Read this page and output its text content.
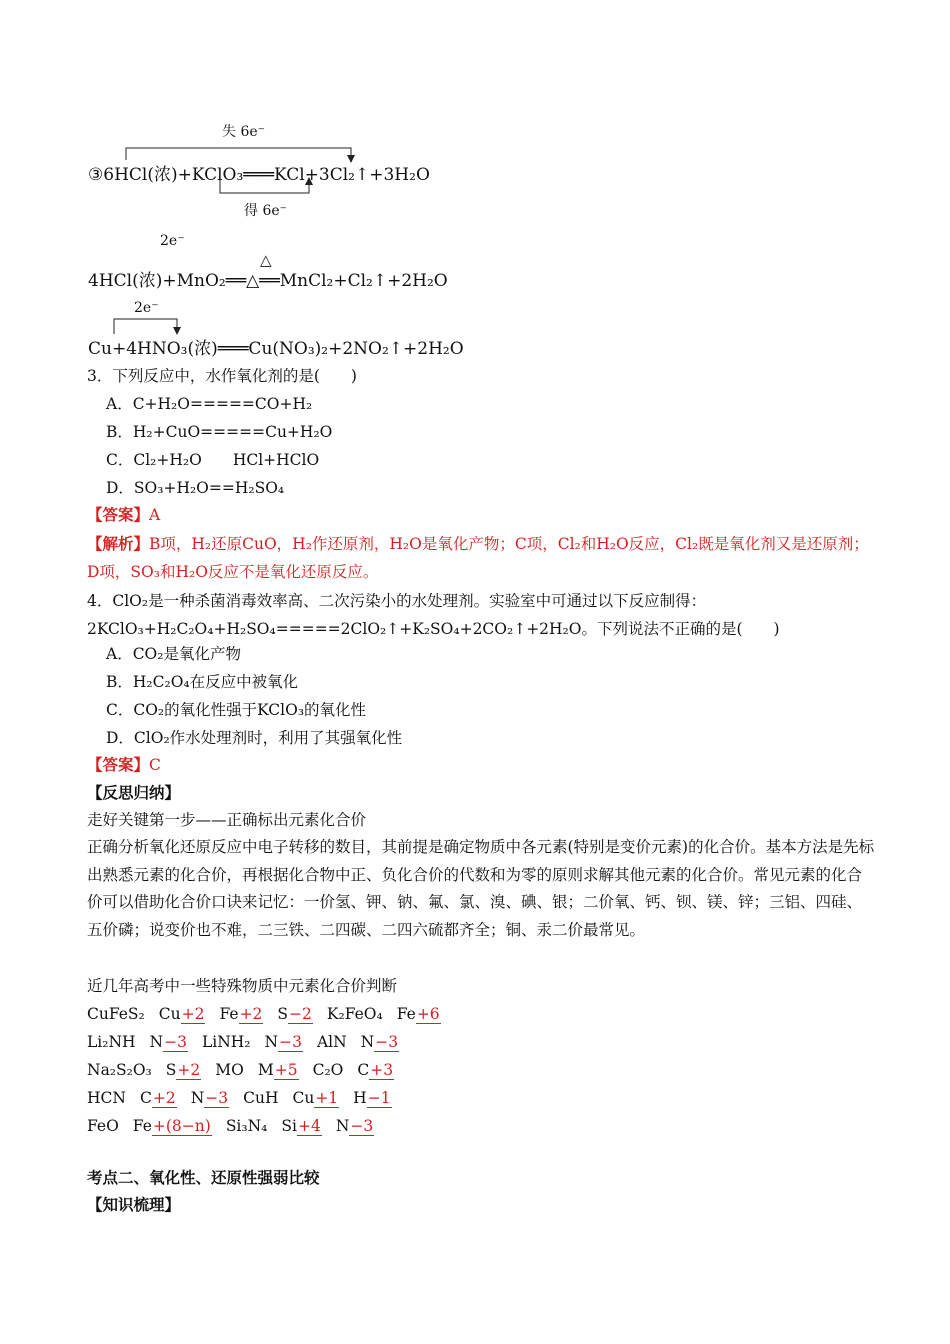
失 6e⁻
③6HCl(浓)+KClO₃═══KCl+3Cl₂↑+3H₂O
得 6e⁻
2e⁻
△
4HCl(浓)+MnO₂══△══MnCl₂+Cl₂↑+2H₂O
2e⁻
Cu+4HNO₃(浓)═══Cu(NO₃)₂+2NO₂↑+2H₂O
3．下列反应中，水作氧化剂的是(　　)
A．C+H₂O=====CO+H₂
B．H₂+CuO=====Cu+H₂O
C．Cl₂+H₂O　　HCl+HClO
D．SO₃+H₂O==H₂SO₄
【答案】A
【解析】B项，H₂还原CuO，H₂作还原剂，H₂O是氧化产物；C项，Cl₂和H₂O反应，Cl₂既是氧化剂又是还原剂；D项，SO₃和H₂O反应不是氧化还原反应。
4．ClO₂是一种杀菌消毒效率高、二次污染小的水处理剂。实验室中可通过以下反应制得：2KClO₃+H₂C₂O₄+H₂SO₄=====2ClO₂↑+K₂SO₄+2CO₂↑+2H₂O。下列说法不正确的是(　　)
A．CO₂是氧化产物
B．H₂C₂O₄在反应中被氧化
C．CO₂的氧化性强于KClO₃的氧化性
D．ClO₂作水处理剂时，利用了其强氧化性
【答案】C
【反思归纳】
走好关键第一步——正确标出元素化合价
正确分析氧化还原反应中电子转移的数目，其前提是确定物质中各元素(特别是变价元素)的化合价。基本方法是先标出熟悉元素的化合价，再根据化合物中正、负化合价的代数和为零的原则求解其他元素的化合价。常见元素的化合价可以借助化合价口诀来记忆：一价氢、钾、钠、氟、氯、溴、碘、银；二价氧、钙、钡、镁、锌；三铝、四硅、五价磷；说变价也不难，二三铁、二四碳、二四六硫都齐全；铜、汞二价最常见。
近几年高考中一些特殊物质中元素化合价判断
CuFeS₂ Cu+2 Fe+2 S−2 K₂FeO₄ Fe+6
Li₂NH N−3 LiNH₂ N−3 AlN N−3
Na₂S₂O₃ S+2 MO M+5 C₂O C+3
HCN C+2 N−3 CuH Cu+1 H−1
FeO Fe+(8−n) Si₃N₄ Si+4 N−3
考点二、氧化性、还原性强弱比较
【知识梳理】
